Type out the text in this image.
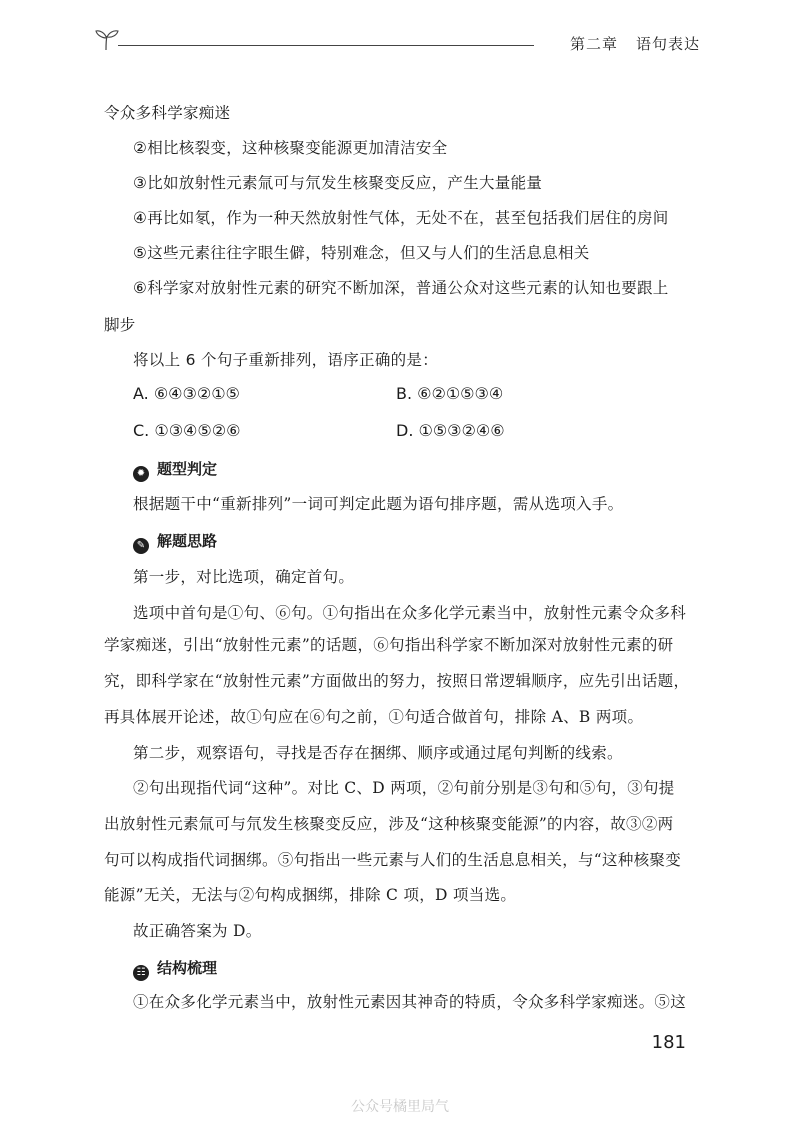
第二章 语句表达
令众多科学家痴迷
②相比核裂变，这种核聚变能源更加清洁安全
③比如放射性元素氚可与氘发生核聚变反应，产生大量能量
④再比如氡，作为一种天然放射性气体，无处不在，甚至包括我们居住的房间
⑤这些元素往往字眼生僻，特别难念，但又与人们的生活息息相关
⑥科学家对放射性元素的研究不断加深，普通公众对这些元素的认知也要跟上
脚步
将以上 6 个句子重新排列，语序正确的是：
A. ⑥④③②①⑤	B. ⑥②①⑤③④
C. ①③④⑤②⑥	D. ①⑤③②④⑥
✹ 题型判定
根据题干中“重新排列”一词可判定此题为语句排序题，需从选项入手。
✎ 解题思路
第一步，对比选项，确定首句。
选项中首句是①句、⑥句。①句指出在众多化学元素当中，放射性元素令众多科
学家痴迷，引出“放射性元素”的话题，⑥句指出科学家不断加深对放射性元素的研
究，即科学家在“放射性元素”方面做出的努力，按照日常逻辑顺序，应先引出话题，
再具体展开论述，故①句应在⑥句之前，①句适合做首句，排除 A、B 两项。
第二步，观察语句，寻找是否存在捆绑、顺序或通过尾句判断的线索。
②句出现指代词“这种”。对比 C、D 两项，②句前分别是③句和⑤句，③句提
出放射性元素氚可与氘发生核聚变反应，涉及“这种核聚变能源”的内容，故③②两
句可以构成指代词捆绑。⑤句指出一些元素与人们的生活息息相关，与“这种核聚变
能源”无关，无法与②句构成捆绑，排除 C 项，D 项当选。
故正确答案为 D。
☷ 结构梳理
①在众多化学元素当中，放射性元素因其神奇的特质，令众多科学家痴迷。⑤这
181
公众号橘里局气
